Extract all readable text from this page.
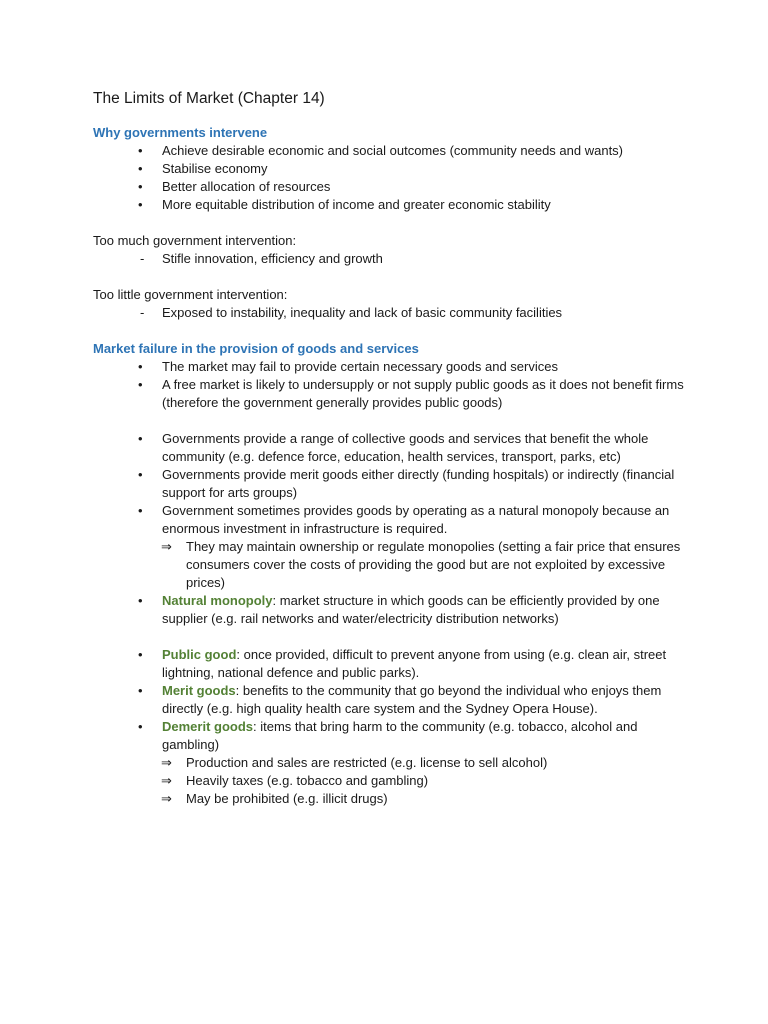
The Limits of Market (Chapter 14)

Why governments intervene

• Achieve desirable economic and social outcomes (community needs and wants)
• Stabilise economy
• Better allocation of resources
• More equitable distribution of income and greater economic stability

Too much government intervention:

- Stifle innovation, efficiency and growth

Too little government intervention:

- Exposed to instability, inequality and lack of basic community facilities

Market failure in the provision of goods and services

• The market may fail to provide certain necessary goods and services
• A free market is likely to undersupply or not supply public goods as it does not benefit firms (therefore the government generally provides public goods)
• Governments provide a range of collective goods and services that benefit the whole community (e.g. defence force, education, health services, transport, parks, etc)
• Governments provide merit goods either directly (funding hospitals) or indirectly (financial support for arts groups)
• Government sometimes provides goods by operating as a natural monopoly because an enormous investment in infrastructure is required.
⇒ They may maintain ownership or regulate monopolies (setting a fair price that ensures consumers cover the costs of providing the good but are not exploited by excessive prices)
• Natural monopoly: market structure in which goods can be efficiently provided by one supplier (e.g. rail networks and water/electricity distribution networks)
• Public good: once provided, difficult to prevent anyone from using (e.g. clean air, street lightning, national defence and public parks).
• Merit goods: benefits to the community that go beyond the individual who enjoys them directly (e.g. high quality health care system and the Sydney Opera House).
• Demerit goods: items that bring harm to the community (e.g. tobacco, alcohol and gambling)
⇒ Production and sales are restricted (e.g. license to sell alcohol)
⇒ Heavily taxes (e.g. tobacco and gambling)
⇒ May be prohibited (e.g. illicit drugs)
